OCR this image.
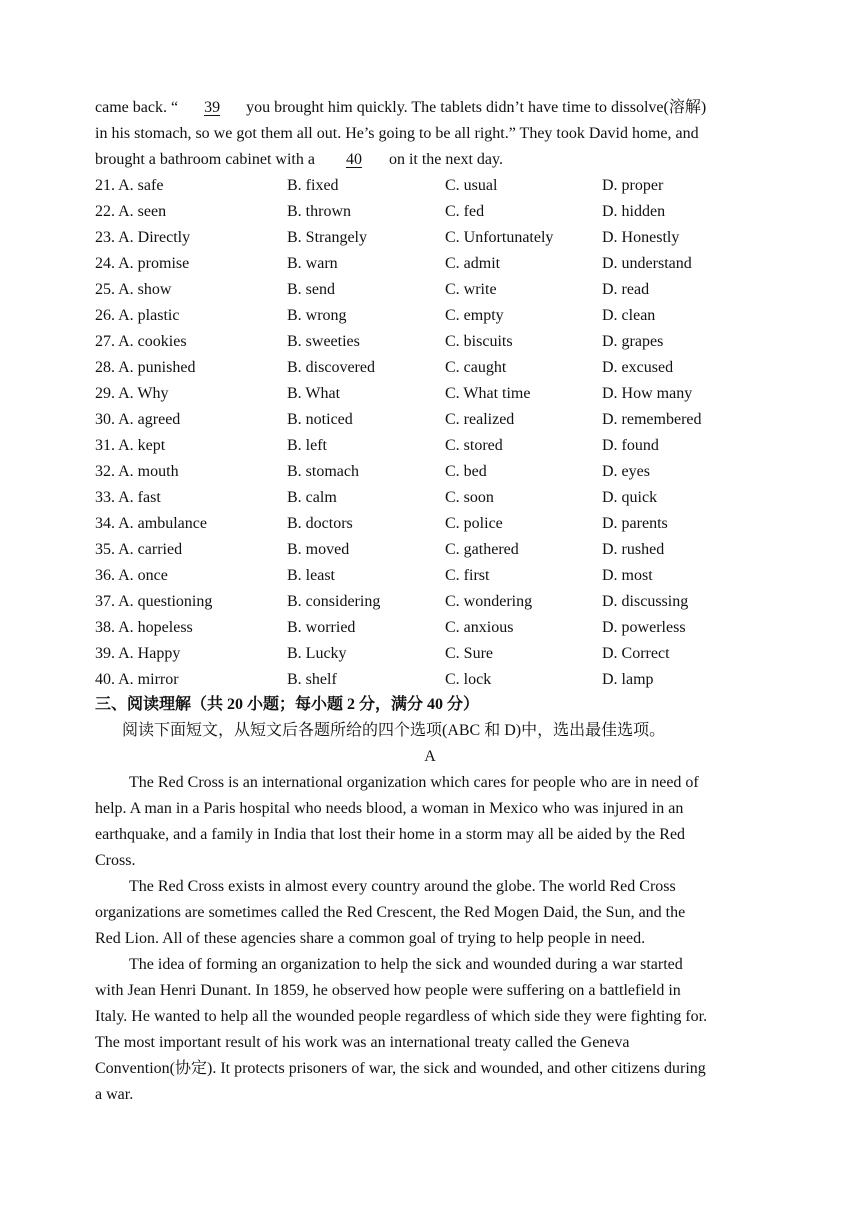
came back. “ 39 you brought him quickly. The tablets didn’t have time to dissolve(溶解)
in his stomach, so we got them all out. He’s going to be all right.” They took David home, and
brought a bathroom cabinet with a 40 on it the next day.
21. A. safe	B. fixed	C. usual	D. proper
22. A. seen	B. thrown	C. fed	D. hidden
23. A. Directly	B. Strangely	C. Unfortunately	D. Honestly
24. A. promise	B. warn	C. admit	D. understand
25. A. show	B. send	C. write	D. read
26. A. plastic	B. wrong	C. empty	D. clean
27. A. cookies	B. sweeties	C. biscuits	D. grapes
28. A. punished	B. discovered	C. caught	D. excused
29. A. Why	B. What	C. What time	D. How many
30. A. agreed	B. noticed	C. realized	D. remembered
31. A. kept	B. left	C. stored	D. found
32. A. mouth	B. stomach	C. bed	D. eyes
33. A. fast	B. calm	C. soon	D. quick
34. A. ambulance	B. doctors	C. police	D. parents
35. A. carried	B. moved	C. gathered	D. rushed
36. A. once	B. least	C. first	D. most
37. A. questioning	B. considering	C. wondering	D. discussing
38. A. hopeless	B. worried	C. anxious	D. powerless
39. A. Happy	B. Lucky	C. Sure	D. Correct
40. A. mirror	B. shelf	C. lock	D. lamp
三、阅读理解（共 20 小题；每小题 2 分，满分 40 分）
阅读下面短文，从短文后各题所给的四个选项(ABC 和 D)中，选出最佳选项。
A
The Red Cross is an international organization which cares for people who are in need of
help. A man in a Paris hospital who needs blood, a woman in Mexico who was injured in an
earthquake, and a family in India that lost their home in a storm may all be aided by the Red
Cross.
The Red Cross exists in almost every country around the globe. The world Red Cross
organizations are sometimes called the Red Crescent, the Red Mogen Daid, the Sun, and the
Red Lion. All of these agencies share a common goal of trying to help people in need.
The idea of forming an organization to help the sick and wounded during a war started
with Jean Henri Dunant. In 1859, he observed how people were suffering on a battlefield in
Italy. He wanted to help all the wounded people regardless of which side they were fighting for.
The most important result of his work was an international treaty called the Geneva
Convention(协定). It protects prisoners of war, the sick and wounded, and other citizens during
a war.
